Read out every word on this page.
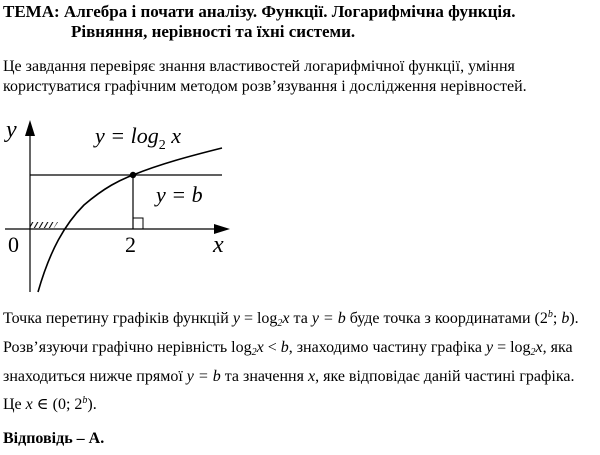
ТЕМА: Алгебра і почати аналізу. Функції. Логарифмічна функція.
Рівняння, нерівності та їхні системи.
Це завдання перевіряє знання властивостей логарифмічної функції, уміння користуватися графічним методом розв’язування і дослідження нерівностей.
y
x
0	2
$y = \log_2 x$
y = b
Точка перетину графіків функцій $y = \log_2x$ та y = b буде точка з координатами (2$^b$; b). Розв’язуючи графічно нерівність $\log_2x < b$, знаходимо частину графіка $y = \log_2x$, яка знаходиться нижче прямої y = b та значення x, яке відповідає даній частині графіка. Це x ∈ (0; 2$^b$).
Відповідь – А.
